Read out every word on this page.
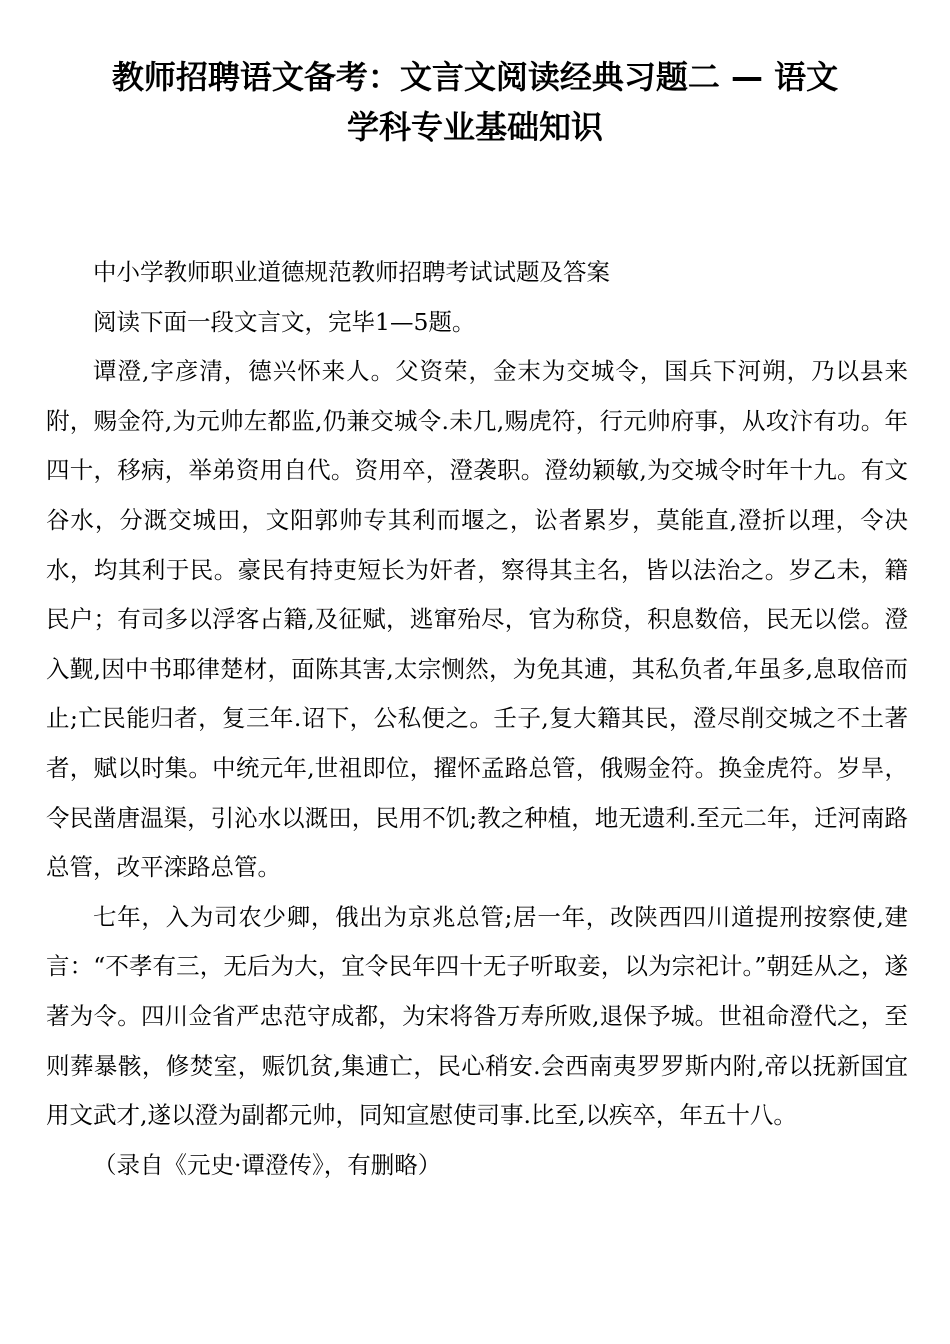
教师招聘语文备考：文言文阅读经典习题二 — 语文
学科专业基础知识

中小学教师职业道德规范教师招聘考试试题及答案

阅读下面一段文言文，完毕1—5题。

谭澄,字彦清，德兴怀来人。父资荣，金末为交城令，国兵下河朔，乃以县来附，赐金符,为元帅左都监,仍兼交城令.未几,赐虎符，行元帅府事，从攻汴有功。年四十，移病，举弟资用自代。资用卒，澄袭职。澄幼颖敏,为交城令时年十九。有文谷水，分溉交城田，文阳郭帅专其利而堰之，讼者累岁，莫能直,澄折以理，令决水，均其利于民。豪民有持吏短长为奸者，察得其主名，皆以法治之。岁乙未，籍民户；有司多以浮客占籍,及征赋，逃窜殆尽，官为称贷，积息数倍，民无以偿。澄入觐,因中书耶律楚材，面陈其害,太宗恻然，为免其逋，其私负者,年虽多,息取倍而止;亡民能归者，复三年.诏下，公私便之。壬子,复大籍其民，澄尽削交城之不土著者，赋以时集。中统元年,世祖即位，擢怀孟路总管，俄赐金符。换金虎符。岁旱，令民凿唐温渠，引沁水以溉田，民用不饥;教之种植，地无遗利.至元二年，迁河南路总管，改平滦路总管。

七年，入为司农少卿，俄出为京兆总管;居一年，改陕西四川道提刑按察使,建言：“不孝有三，无后为大，宜令民年四十无子听取妾，以为宗祀计。”朝廷从之，遂著为令。四川佥省严忠范守成都，为宋将昝万寿所败,退保予城。世祖命澄代之，至则葬暴骸，修焚室，赈饥贫,集逋亡，民心稍安.会西南夷罗罗斯内附,帝以抚新国宜用文武才,遂以澄为副都元帅，同知宣慰使司事.比至,以疾卒，年五十八。

（录自《元史·谭澄传》，有删略）
